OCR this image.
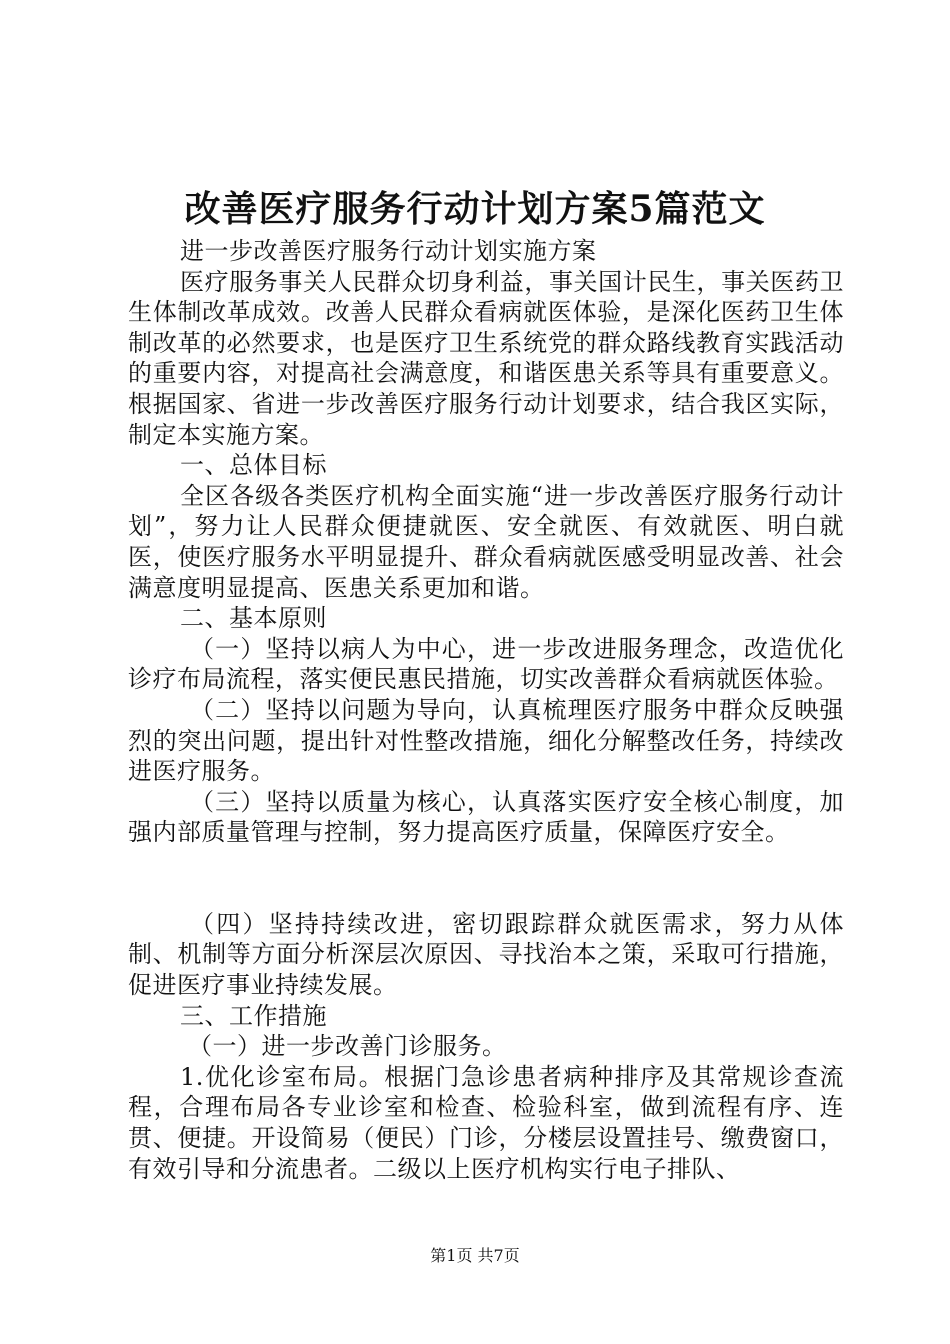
改善医疗服务行动计划方案5篇范文

进一步改善医疗服务行动计划实施方案

医疗服务事关人民群众切身利益，事关国计民生，事关医药卫生体制改革成效。改善人民群众看病就医体验，是深化医药卫生体制改革的必然要求，也是医疗卫生系统党的群众路线教育实践活动的重要内容，对提高社会满意度，和谐医患关系等具有重要意义。根据国家、省进一步改善医疗服务行动计划要求，结合我区实际，制定本实施方案。

一、总体目标

全区各级各类医疗机构全面实施“进一步改善医疗服务行动计划”，努力让人民群众便捷就医、安全就医、有效就医、明白就医，使医疗服务水平明显提升、群众看病就医感受明显改善、社会满意度明显提高、医患关系更加和谐。

二、基本原则

（一）坚持以病人为中心，进一步改进服务理念，改造优化诊疗布局流程，落实便民惠民措施，切实改善群众看病就医体验。

（二）坚持以问题为导向，认真梳理医疗服务中群众反映强烈的突出问题，提出针对性整改措施，细化分解整改任务，持续改进医疗服务。

（三）坚持以质量为核心，认真落实医疗安全核心制度，加强内部质量管理与控制，努力提高医疗质量，保障医疗安全。

（四）坚持持续改进，密切跟踪群众就医需求，努力从体制、机制等方面分析深层次原因、寻找治本之策，采取可行措施，促进医疗事业持续发展。

三、工作措施

（一）进一步改善门诊服务。

1.优化诊室布局。根据门急诊患者病种排序及其常规诊查流程，合理布局各专业诊室和检查、检验科室，做到流程有序、连贯、便捷。开设简易（便民）门诊，分楼层设置挂号、缴费窗口，有效引导和分流患者。二级以上医疗机构实行电子排队、

第1页 共7页
